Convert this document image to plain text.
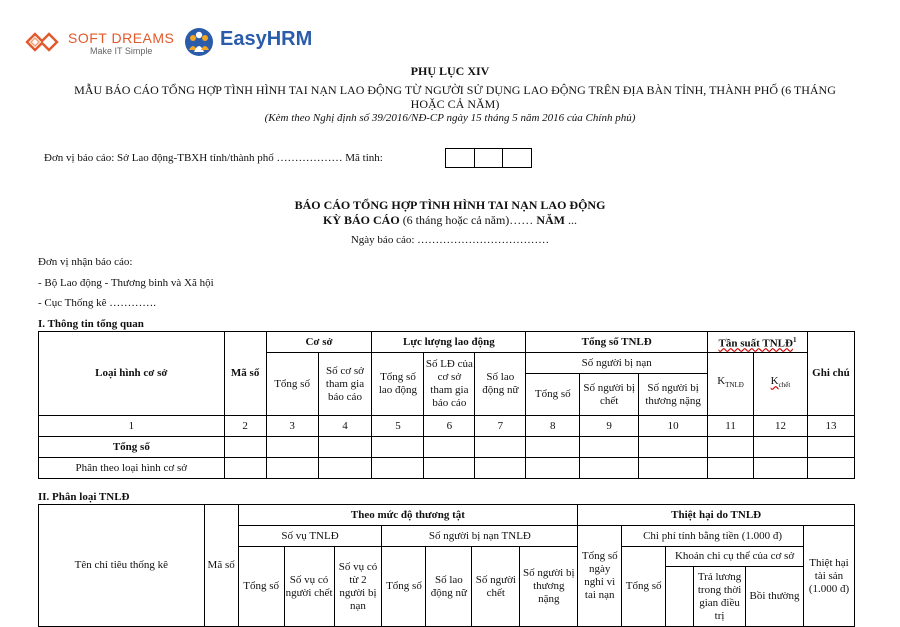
SOFT DREAMS
Make IT Simple
EasyHRM
PHỤ LỤC XIV
MẪU BÁO CÁO TỔNG HỢP TÌNH HÌNH TAI NẠN LAO ĐỘNG TỪ NGƯỜI SỬ DỤNG LAO ĐỘNG TRÊN ĐỊA BÀN TỈNH, THÀNH PHỐ (6 THÁNG HOẶC CẢ NĂM)
(Kèm theo Nghị định số 39/2016/NĐ-CP ngày 15 tháng 5 năm 2016 của Chính phủ)
Đơn vị báo cáo: Sở Lao động-TBXH tỉnh/thành phố ……………… Mã tỉnh:
BÁO CÁO TỔNG HỢP TÌNH HÌNH TAI NẠN LAO ĐỘNG
KỲ BÁO CÁO (6 tháng hoặc cả năm)…… NĂM ...
Ngày báo cáo: ………………………………
Đơn vị nhận báo cáo:
- Bộ Lao động - Thương binh và Xã hội
- Cục Thống kê ………….
I. Thông tin tổng quan
Loại hình cơ sở	Mã số	Cơ sở		Lực lượng lao động			Tổng số TNLĐ			Tần suất TNLĐ$^1$		Ghi chú
		Tổng số	Số cơ sở tham gia báo cáo	Tổng số lao động	Số LĐ của cơ sở tham gia báo cáo	Số lao động nữ	Số người bị nạn			$K_{TNLĐ}$	$K_{chết}$
							Tổng số	Số người bị chết	Số người bị thương nặng			
1	2	3	4	5	6	7	8	9	10	11	12	13
Tổng số												
Phân theo loại hình cơ sở												
II. Phân loại TNLĐ
Tên chỉ tiêu thống kê	Mã số	Theo mức độ thương tật							Thiệt hại do TNLĐ					
		Số vụ TNLĐ			Số người bị nạn TNLĐ				Tổng số ngày nghỉ vì tai nạn	Chi phí tính bằng tiền (1.000 đ)				Thiệt hại tài sản (1.000 đ)
		Tổng số	Số vụ có người chết	Số vụ có từ 2 người bị nạn	Tổng số	Số lao động nữ	Số người chết	Số người bị thương nặng		Tổng số	Khoản chi cụ thể của cơ sở			
												Trả lương trong thời gian điều trị	Bồi thường	
